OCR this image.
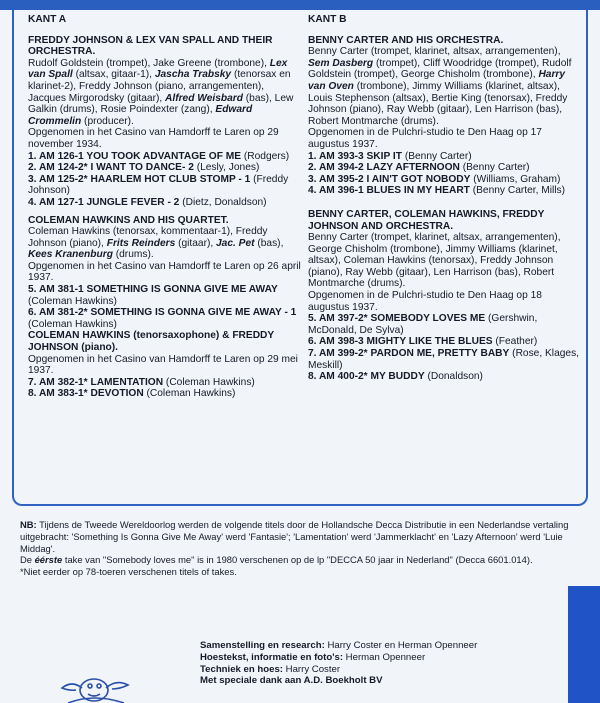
KANT A
FREDDY JOHNSON & LEX VAN SPALL AND THEIR ORCHESTRA.
Rudolf Goldstein (trompet), Jake Greene (trombone), Lex van Spall (altsax, gitaar-1), Jascha Trabsky (tenorsax en klarinet-2), Freddy Johnson (piano, arrangementen), Jacques Mirgorodsky (gitaar), Alfred Weisbard (bas), Lew Galkin (drums), Rosie Poindexter (zang), Edward Crommelin (producer).
Opgenomen in het Casino van Hamdorff te Laren op 29 november 1934.
1. AM 126-1 YOU TOOK ADVANTAGE OF ME (Rodgers)
2. AM 124-2* I WANT TO DANCE- 2 (Lesly, Jones)
3. AM 125-2* HAARLEM HOT CLUB STOMP - 1 (Freddy Johnson)
4. AM 127-1 JUNGLE FEVER - 2 (Dietz, Donaldson)
COLEMAN HAWKINS AND HIS QUARTET.
Coleman Hawkins (tenorsax, kommentaar-1), Freddy Johnson (piano), Frits Reinders (gitaar), Jac. Pet (bas), Kees Kranenburg (drums).
Opgenomen in het Casino van Hamdorff te Laren op 26 april 1937.
5. AM 381-1 SOMETHING IS GONNA GIVE ME AWAY (Coleman Hawkins)
6. AM 381-2* SOMETHING IS GONNA GIVE ME AWAY - 1 (Coleman Hawkins)
COLEMAN HAWKINS (tenorsaxophone) & FREDDY JOHNSON (piano).
Opgenomen in het Casino van Hamdorff te Laren op 29 mei 1937.
7. AM 382-1* LAMENTATION (Coleman Hawkins)
8. AM 383-1* DEVOTION (Coleman Hawkins)
KANT B
BENNY CARTER AND HIS ORCHESTRA.
Benny Carter (trompet, klarinet, altsax, arrangementen), Sem Dasberg (trompet), Cliff Woodridge (trompet), Rudolf Goldstein (trompet), George Chisholm (trombone), Harry van Oven (trombone), Jimmy Williams (klarinet, altsax), Louis Stephenson (altsax), Bertie King (tenorsax), Freddy Johnson (piano), Ray Webb (gitaar), Len Harrison (bas), Robert Montmarche (drums).
Opgenomen in de Pulchri-studio te Den Haag op 17 augustus 1937.
1. AM 393-3 SKIP IT (Benny Carter)
2. AM 394-2 LAZY AFTERNOON (Benny Carter)
3. AM 395-2 I AIN'T GOT NOBODY (Williams, Graham)
4. AM 396-1 BLUES IN MY HEART (Benny Carter, Mills)
BENNY CARTER, COLEMAN HAWKINS, FREDDY JOHNSON AND ORCHESTRA.
Benny Carter (trompet, klarinet, altsax, arrangementen), George Chisholm (trombone), Jimmy Williams (klarinet, altsax), Coleman Hawkins (tenorsax), Freddy Johnson (piano), Ray Webb (gitaar), Len Harrison (bas), Robert Montmarche (drums).
Opgenomen in de Pulchri-studio te Den Haag op 18 augustus 1937.
5. AM 397-2* SOMEBODY LOVES ME (Gershwin, McDonald, De Sylva)
6. AM 398-3 MIGHTY LIKE THE BLUES (Feather)
7. AM 399-2* PARDON ME, PRETTY BABY (Rose, Klages, Meskill)
8. AM 400-2* MY BUDDY (Donaldson)

NB: Tijdens de Tweede Wereldoorlog werden de volgende titels door de Hollandsche Decca Distributie in een Nederlandse vertaling uitgebracht: 'Something Is Gonna Give Me Away' werd 'Fantasie'; 'Lamentation' werd 'Jammerklacht' en 'Lazy Afternoon' werd 'Luie Middag'.

De éérste take van "Somebody loves me" is in 1980 verschenen op de lp "DECCA 50 jaar in Nederland" (Decca 6601.014).

*Niet eerder op 78-toeren verschenen titels of takes.

Samenstelling en research: Harry Coster en Herman Openneer
Hoestekst, informatie en foto's: Herman Openneer
Techniek en hoes: Harry Coster
Met speciale dank aan A.D. Boekholt BV
